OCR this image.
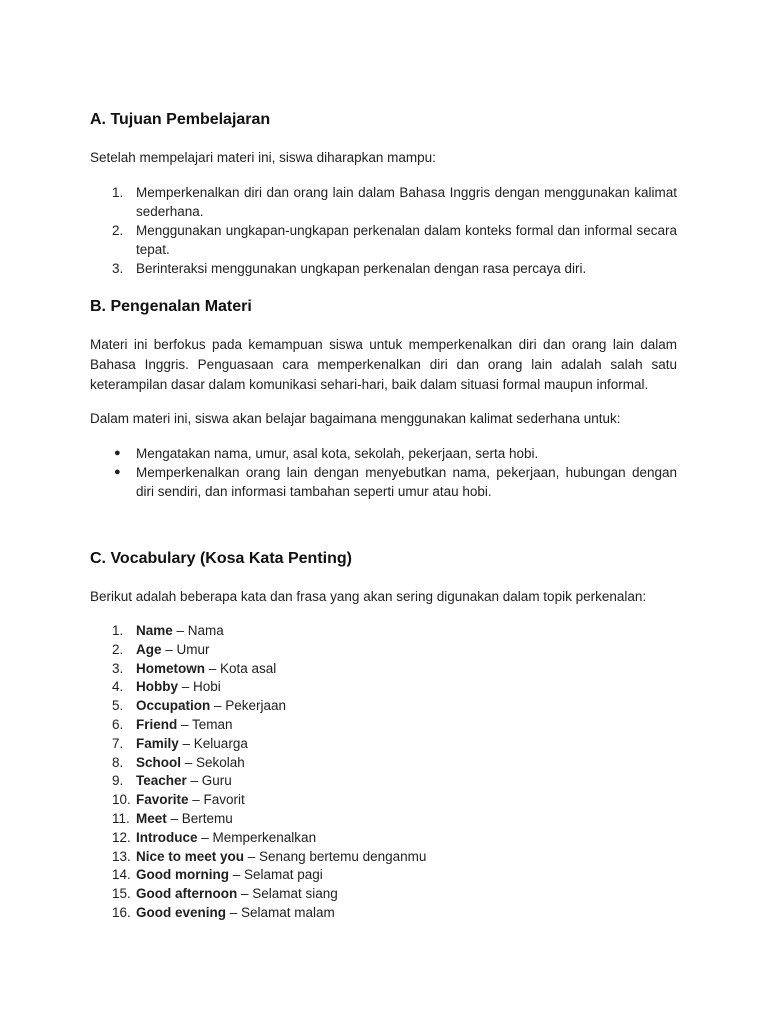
A. Tujuan Pembelajaran

Setelah mempelajari materi ini, siswa diharapkan mampu:

1. Memperkenalkan diri dan orang lain dalam Bahasa Inggris dengan menggunakan kalimat sederhana.
2. Menggunakan ungkapan-ungkapan perkenalan dalam konteks formal dan informal secara tepat.
3. Berinteraksi menggunakan ungkapan perkenalan dengan rasa percaya diri.
B. Pengenalan Materi

Materi ini berfokus pada kemampuan siswa untuk memperkenalkan diri dan orang lain dalam Bahasa Inggris. Penguasaan cara memperkenalkan diri dan orang lain adalah salah satu keterampilan dasar dalam komunikasi sehari-hari, baik dalam situasi formal maupun informal.

Dalam materi ini, siswa akan belajar bagaimana menggunakan kalimat sederhana untuk:

● Mengatakan nama, umur, asal kota, sekolah, pekerjaan, serta hobi.
● Memperkenalkan orang lain dengan menyebutkan nama, pekerjaan, hubungan dengan diri sendiri, dan informasi tambahan seperti umur atau hobi.
C. Vocabulary (Kosa Kata Penting)

Berikut adalah beberapa kata dan frasa yang akan sering digunakan dalam topik perkenalan:

1. Name – Nama
2. Age – Umur
3. Hometown – Kota asal
4. Hobby – Hobi
5. Occupation – Pekerjaan
6. Friend – Teman
7. Family – Keluarga
8. School – Sekolah
9. Teacher – Guru
10. Favorite – Favorit
11. Meet – Bertemu
12. Introduce – Memperkenalkan
13. Nice to meet you – Senang bertemu denganmu
14. Good morning – Selamat pagi
15. Good afternoon – Selamat siang
16. Good evening – Selamat malam
